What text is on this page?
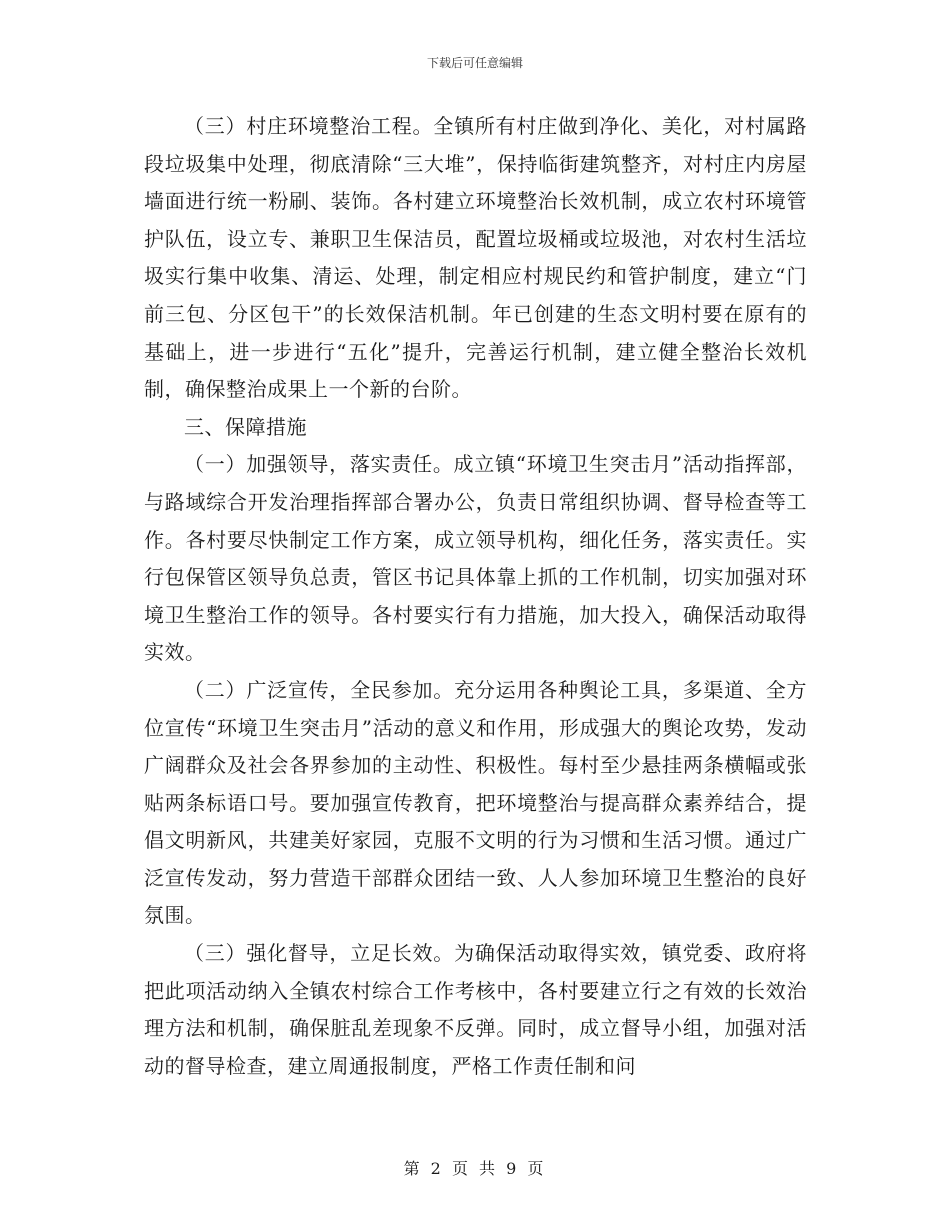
下载后可任意编辑

（三）村庄环境整治工程。全镇所有村庄做到净化、美化，对村属路段垃圾集中处理，彻底清除“三大堆”，保持临街建筑整齐，对村庄内房屋墙面进行统一粉刷、装饰。各村建立环境整治长效机制，成立农村环境管护队伍，设立专、兼职卫生保洁员，配置垃圾桶或垃圾池，对农村生活垃圾实行集中收集、清运、处理，制定相应村规民约和管护制度，建立“门前三包、分区包干”的长效保洁机制。年已创建的生态文明村要在原有的基础上，进一步进行“五化”提升，完善运行机制，建立健全整治长效机制，确保整治成果上一个新的台阶。

三、保障措施

（一）加强领导，落实责任。成立镇“环境卫生突击月”活动指挥部，与路域综合开发治理指挥部合署办公，负责日常组织协调、督导检查等工作。各村要尽快制定工作方案，成立领导机构，细化任务，落实责任。实行包保管区领导负总责，管区书记具体靠上抓的工作机制，切实加强对环境卫生整治工作的领导。各村要实行有力措施，加大投入，确保活动取得实效。

（二）广泛宣传，全民参加。充分运用各种舆论工具，多渠道、全方位宣传“环境卫生突击月”活动的意义和作用，形成强大的舆论攻势，发动广阔群众及社会各界参加的主动性、积极性。每村至少悬挂两条横幅或张贴两条标语口号。要加强宣传教育，把环境整治与提高群众素养结合，提倡文明新风，共建美好家园，克服不文明的行为习惯和生活习惯。通过广泛宣传发动，努力营造干部群众团结一致、人人参加环境卫生整治的良好氛围。

（三）强化督导，立足长效。为确保活动取得实效，镇党委、政府将把此项活动纳入全镇农村综合工作考核中，各村要建立行之有效的长效治理方法和机制，确保脏乱差现象不反弹。同时，成立督导小组，加强对活动的督导检查，建立周通报制度，严格工作责任制和问

第 2 页 共 9 页
